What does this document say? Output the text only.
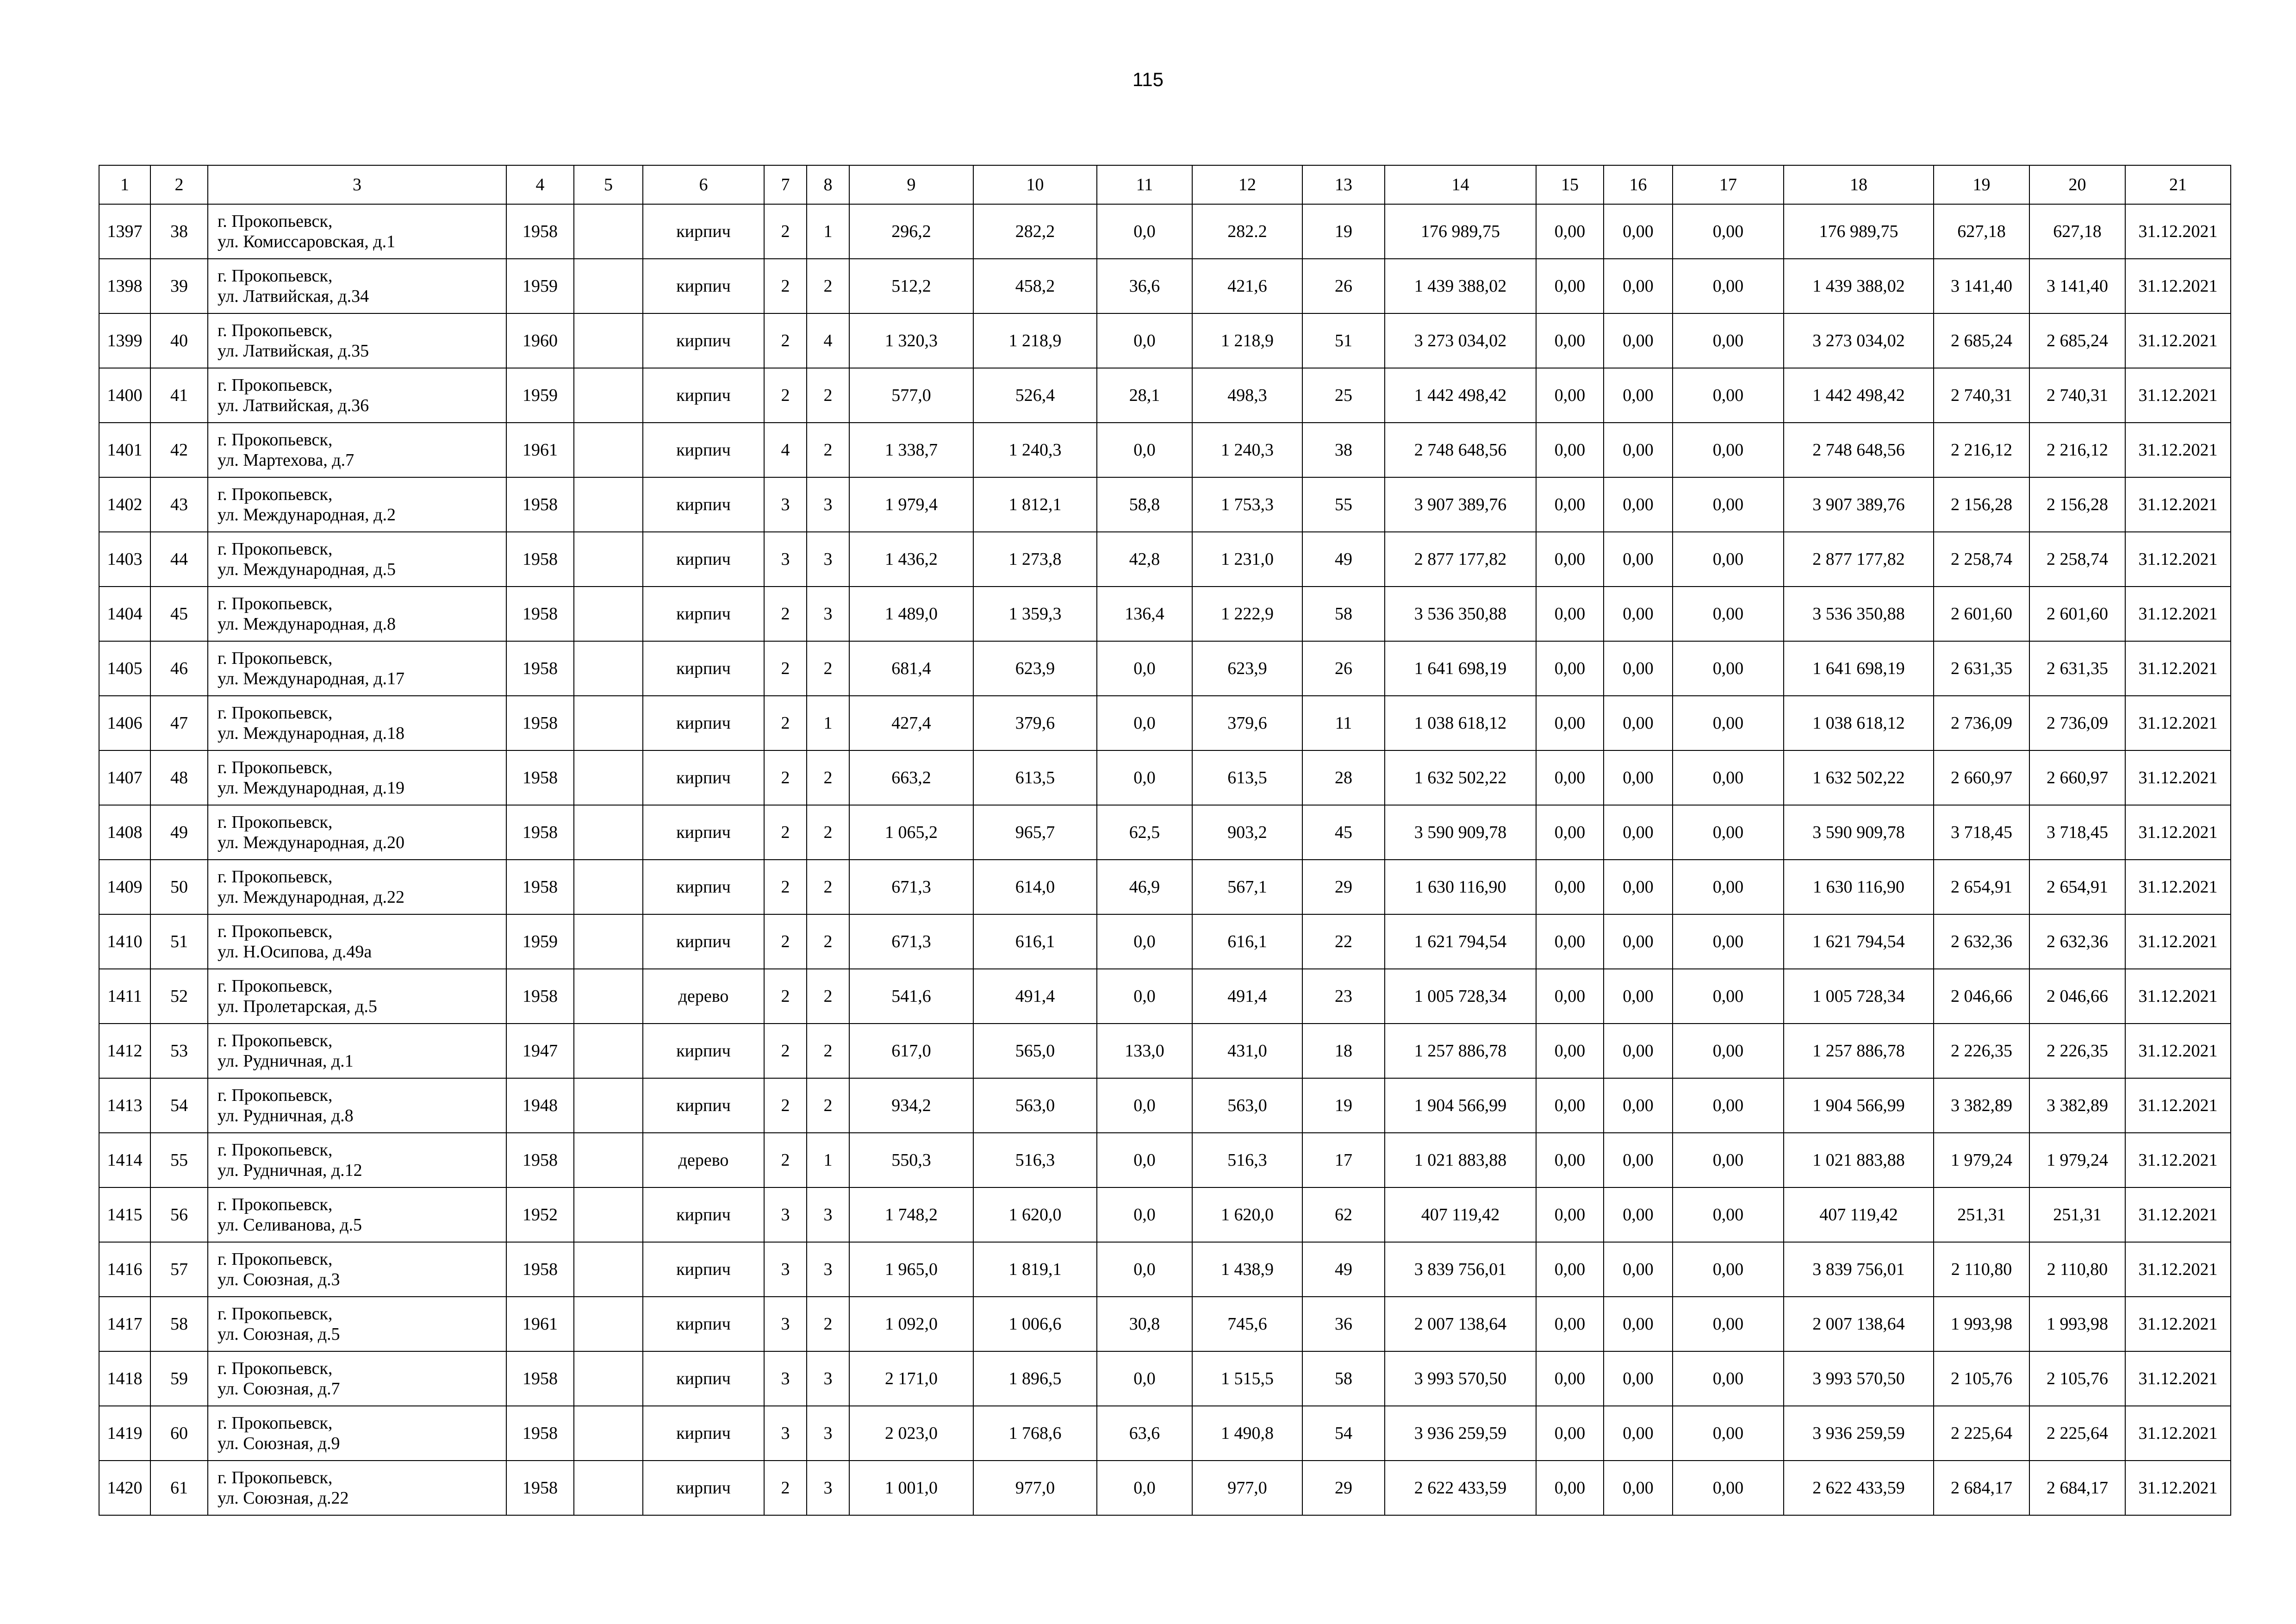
115
1	2	3	4	5	6	7	8	9	10	11	12	13	14	15	16	17	18	19	20	21
1397	38	г. Прокопьевск,
ул. Комиссаровская, д.1	1958		кирпич	2	1	296,2	282,2	0,0	282.2	19	176 989,75	0,00	0,00	0,00	176 989,75	627,18	627,18	31.12.2021
1398	39	г. Прокопьевск,
ул. Латвийская, д.34	1959		кирпич	2	2	512,2	458,2	36,6	421,6	26	1 439 388,02	0,00	0,00	0,00	1 439 388,02	3 141,40	3 141,40	31.12.2021
1399	40	г. Прокопьевск,
ул. Латвийская, д.35	1960		кирпич	2	4	1 320,3	1 218,9	0,0	1 218,9	51	3 273 034,02	0,00	0,00	0,00	3 273 034,02	2 685,24	2 685,24	31.12.2021
1400	41	г. Прокопьевск,
ул. Латвийская, д.36	1959		кирпич	2	2	577,0	526,4	28,1	498,3	25	1 442 498,42	0,00	0,00	0,00	1 442 498,42	2 740,31	2 740,31	31.12.2021
1401	42	г. Прокопьевск,
ул. Мартехова, д.7	1961		кирпич	4	2	1 338,7	1 240,3	0,0	1 240,3	38	2 748 648,56	0,00	0,00	0,00	2 748 648,56	2 216,12	2 216,12	31.12.2021
1402	43	г. Прокопьевск,
ул. Международная, д.2	1958		кирпич	3	3	1 979,4	1 812,1	58,8	1 753,3	55	3 907 389,76	0,00	0,00	0,00	3 907 389,76	2 156,28	2 156,28	31.12.2021
1403	44	г. Прокопьевск,
ул. Международная, д.5	1958		кирпич	3	3	1 436,2	1 273,8	42,8	1 231,0	49	2 877 177,82	0,00	0,00	0,00	2 877 177,82	2 258,74	2 258,74	31.12.2021
1404	45	г. Прокопьевск,
ул. Международная, д.8	1958		кирпич	2	3	1 489,0	1 359,3	136,4	1 222,9	58	3 536 350,88	0,00	0,00	0,00	3 536 350,88	2 601,60	2 601,60	31.12.2021
1405	46	г. Прокопьевск,
ул. Международная, д.17	1958		кирпич	2	2	681,4	623,9	0,0	623,9	26	1 641 698,19	0,00	0,00	0,00	1 641 698,19	2 631,35	2 631,35	31.12.2021
1406	47	г. Прокопьевск,
ул. Международная, д.18	1958		кирпич	2	1	427,4	379,6	0,0	379,6	11	1 038 618,12	0,00	0,00	0,00	1 038 618,12	2 736,09	2 736,09	31.12.2021
1407	48	г. Прокопьевск,
ул. Международная, д.19	1958		кирпич	2	2	663,2	613,5	0,0	613,5	28	1 632 502,22	0,00	0,00	0,00	1 632 502,22	2 660,97	2 660,97	31.12.2021
1408	49	г. Прокопьевск,
ул. Международная, д.20	1958		кирпич	2	2	1 065,2	965,7	62,5	903,2	45	3 590 909,78	0,00	0,00	0,00	3 590 909,78	3 718,45	3 718,45	31.12.2021
1409	50	г. Прокопьевск,
ул. Международная, д.22	1958		кирпич	2	2	671,3	614,0	46,9	567,1	29	1 630 116,90	0,00	0,00	0,00	1 630 116,90	2 654,91	2 654,91	31.12.2021
1410	51	г. Прокопьевск,
ул. Н.Осипова, д.49а	1959		кирпич	2	2	671,3	616,1	0,0	616,1	22	1 621 794,54	0,00	0,00	0,00	1 621 794,54	2 632,36	2 632,36	31.12.2021
1411	52	г. Прокопьевск,
ул. Пролетарская, д.5	1958		дерево	2	2	541,6	491,4	0,0	491,4	23	1 005 728,34	0,00	0,00	0,00	1 005 728,34	2 046,66	2 046,66	31.12.2021
1412	53	г. Прокопьевск,
ул. Рудничная, д.1	1947		кирпич	2	2	617,0	565,0	133,0	431,0	18	1 257 886,78	0,00	0,00	0,00	1 257 886,78	2 226,35	2 226,35	31.12.2021
1413	54	г. Прокопьевск,
ул. Рудничная, д.8	1948		кирпич	2	2	934,2	563,0	0,0	563,0	19	1 904 566,99	0,00	0,00	0,00	1 904 566,99	3 382,89	3 382,89	31.12.2021
1414	55	г. Прокопьевск,
ул. Рудничная, д.12	1958		дерево	2	1	550,3	516,3	0,0	516,3	17	1 021 883,88	0,00	0,00	0,00	1 021 883,88	1 979,24	1 979,24	31.12.2021
1415	56	г. Прокопьевск,
ул. Селиванова, д.5	1952		кирпич	3	3	1 748,2	1 620,0	0,0	1 620,0	62	407 119,42	0,00	0,00	0,00	407 119,42	251,31	251,31	31.12.2021
1416	57	г. Прокопьевск,
ул. Союзная, д.3	1958		кирпич	3	3	1 965,0	1 819,1	0,0	1 438,9	49	3 839 756,01	0,00	0,00	0,00	3 839 756,01	2 110,80	2 110,80	31.12.2021
1417	58	г. Прокопьевск,
ул. Союзная, д.5	1961		кирпич	3	2	1 092,0	1 006,6	30,8	745,6	36	2 007 138,64	0,00	0,00	0,00	2 007 138,64	1 993,98	1 993,98	31.12.2021
1418	59	г. Прокопьевск,
ул. Союзная, д.7	1958		кирпич	3	3	2 171,0	1 896,5	0,0	1 515,5	58	3 993 570,50	0,00	0,00	0,00	3 993 570,50	2 105,76	2 105,76	31.12.2021
1419	60	г. Прокопьевск,
ул. Союзная, д.9	1958		кирпич	3	3	2 023,0	1 768,6	63,6	1 490,8	54	3 936 259,59	0,00	0,00	0,00	3 936 259,59	2 225,64	2 225,64	31.12.2021
1420	61	г. Прокопьевск,
ул. Союзная, д.22	1958		кирпич	2	3	1 001,0	977,0	0,0	977,0	29	2 622 433,59	0,00	0,00	0,00	2 622 433,59	2 684,17	2 684,17	31.12.2021
